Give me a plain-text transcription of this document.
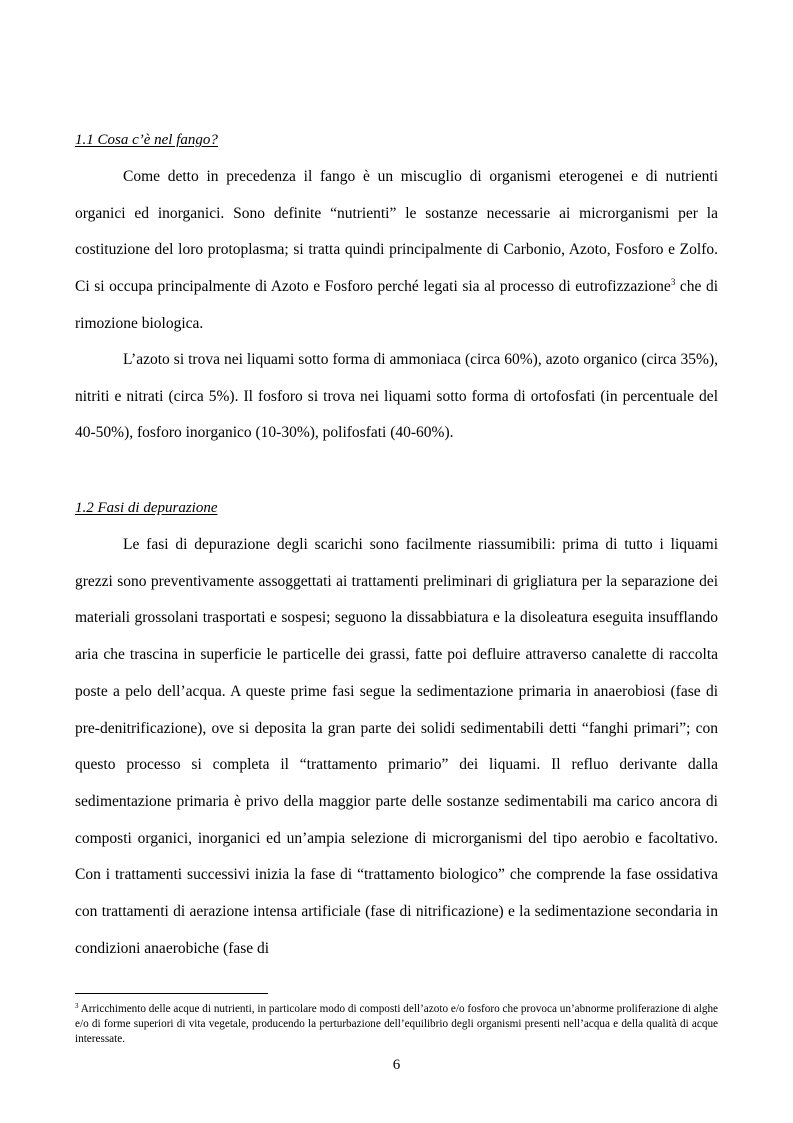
1.1 Cosa c’è nel fango?

Come detto in precedenza il fango è un miscuglio di organismi eterogenei e di nutrienti organici ed inorganici. Sono definite “nutrienti” le sostanze necessarie ai microrganismi per la costituzione del loro protoplasma; si tratta quindi principalmente di Carbonio, Azoto, Fosforo e Zolfo. Ci si occupa principalmente di Azoto e Fosforo perché legati sia al processo di eutrofizzazione$^3$ che di rimozione biologica.

L’azoto si trova nei liquami sotto forma di ammoniaca (circa 60%), azoto organico (circa 35%), nitriti e nitrati (circa 5%). Il fosforo si trova nei liquami sotto forma di ortofosfati (in percentuale del 40-50%), fosforo inorganico (10-30%), polifosfati (40-60%).

1.2 Fasi di depurazione

Le fasi di depurazione degli scarichi sono facilmente riassumibili: prima di tutto i liquami grezzi sono preventivamente assoggettati ai trattamenti preliminari di grigliatura per la separazione dei materiali grossolani trasportati e sospesi; seguono la dissabbiatura e la disoleatura eseguita insufflando aria che trascina in superficie le particelle dei grassi, fatte poi defluire attraverso canalette di raccolta poste a pelo dell’acqua. A queste prime fasi segue la sedimentazione primaria in anaerobiosi (fase di pre-denitrificazione), ove si deposita la gran parte dei solidi sedimentabili detti “fanghi primari”; con questo processo si completa il “trattamento primario” dei liquami. Il refluo derivante dalla sedimentazione primaria è privo della maggior parte delle sostanze sedimentabili ma carico ancora di composti organici, inorganici ed un’ampia selezione di microrganismi del tipo aerobio e facoltativo. Con i trattamenti successivi inizia la fase di “trattamento biologico” che comprende la fase ossidativa con trattamenti di aerazione intensa artificiale (fase di nitrificazione) e la sedimentazione secondaria in condizioni anaerobiche (fase di

$^3$ Arricchimento delle acque di nutrienti, in particolare modo di composti dell’azoto e/o fosforo che provoca un’abnorme proliferazione di alghe e/o di forme superiori di vita vegetale, producendo la perturbazione dell’equilibrio degli organismi presenti nell’acqua e della qualità di acque interessate.

6
